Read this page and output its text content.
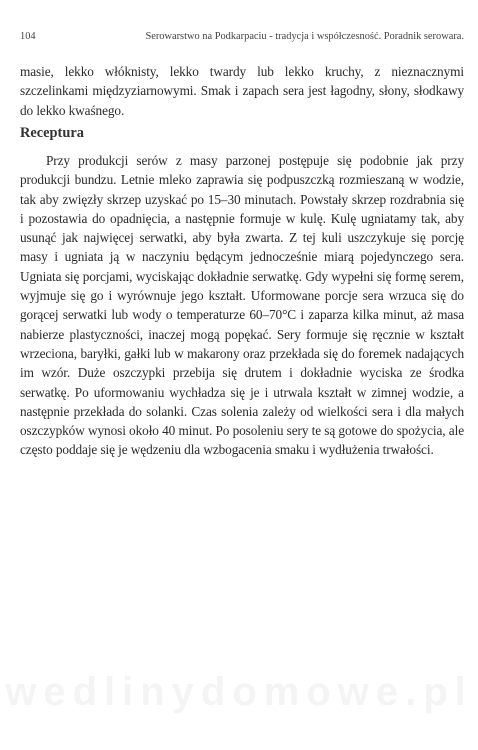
104	Serowarstwo na Podkarpaciu - tradycja i współczesność. Poradnik serowara.

masie, lekko włóknisty, lekko twardy lub lekko kruchy, z nieznacznymi szczelinkami międzyziarnowymi. Smak i zapach sera jest łagodny, słony, słodkawy do lekko kwaśnego.

Receptura

Przy produkcji serów z masy parzonej postępuje się podobnie jak przy produkcji bundzu. Letnie mleko zaprawia się podpuszczką rozmieszaną w wodzie, tak aby zwięzły skrzep uzyskać po 15–30 minutach. Powstały skrzep rozdrabnia się i pozostawia do opadnięcia, a następnie formuje w kulę. Kulę ugniatamy tak, aby usunąć jak najwięcej serwatki, aby była zwarta. Z tej kuli uszczykuje się porcję masy i ugniata ją w naczyniu będącym jednocześnie miarą pojedynczego sera. Ugniata się porcjami, wyciskając dokładnie serwatkę. Gdy wypełni się formę serem, wyjmuje się go i wyrównuje jego kształt. Uformowane porcje sera wrzuca się do gorącej serwatki lub wody o temperaturze 60–70°C i zaparza kilka minut, aż masa nabierze plastyczności, inaczej mogą popękać. Sery formuje się ręcznie w kształt wrzeciona, baryłki, gałki lub w makarony oraz przekłada się do foremek nadających im wzór. Duże oszczypki przebija się drutem i dokładnie wyciska ze środka serwatkę. Po uformowaniu wychładza się je i utrwala kształt w zimnej wodzie, a następnie przekłada do solanki. Czas solenia zależy od wielkości sera i dla małych oszczypków wynosi około 40 minut. Po posoleniu sery te są gotowe do spożycia, ale często poddaje się je wędzeniu dla wzbogacenia smaku i wydłużenia trwałości.
